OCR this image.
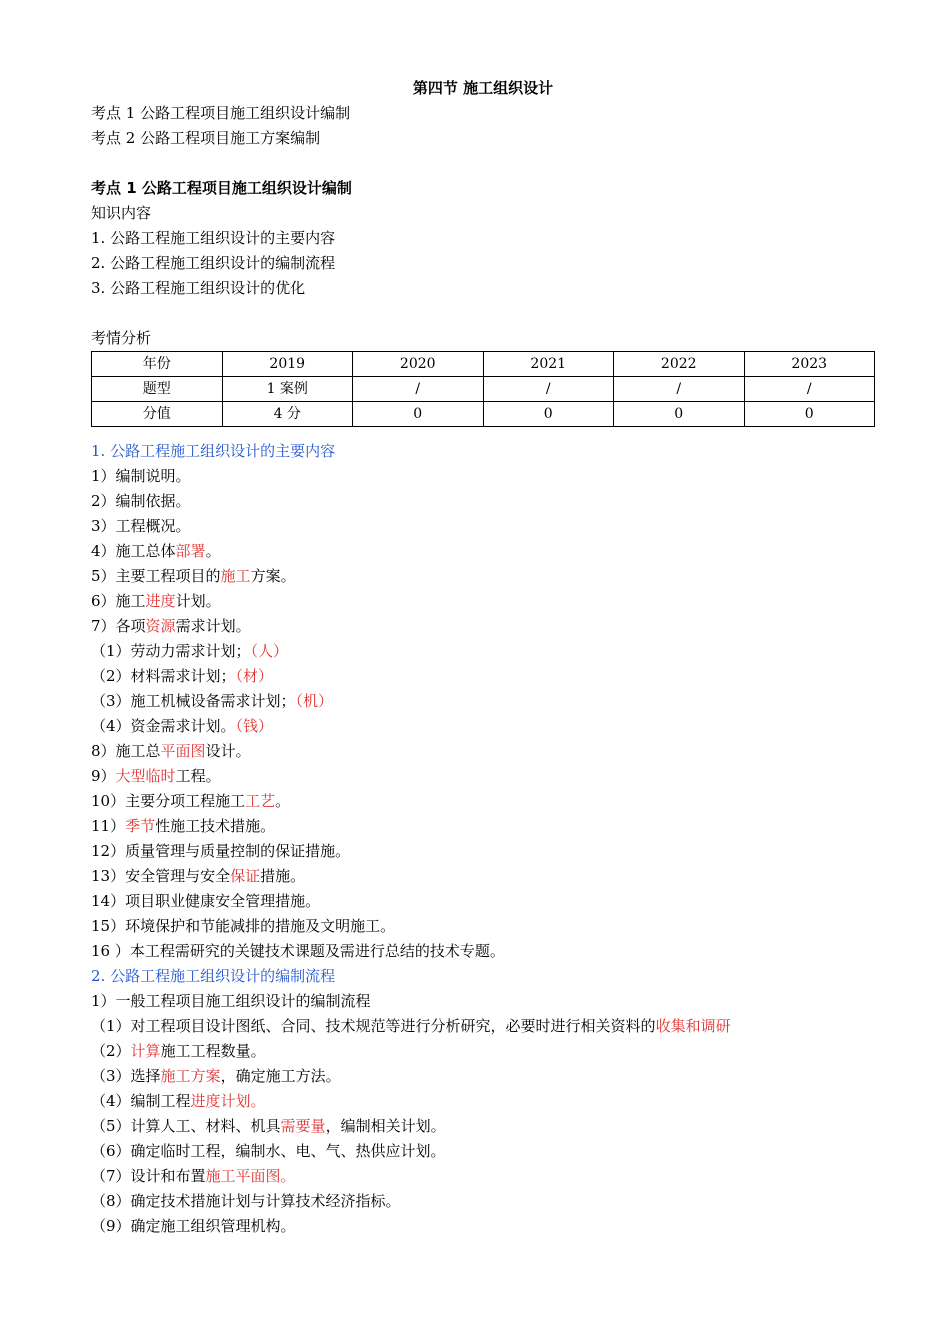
第四节 施工组织设计

考点 1 公路工程项目施工组织设计编制

考点 2 公路工程项目施工方案编制

考点 1 公路工程项目施工组织设计编制

知识内容

1. 公路工程施工组织设计的主要内容

2. 公路工程施工组织设计的编制流程

3. 公路工程施工组织设计的优化

考情分析

年份	2019	2020	2021	2022	2023
题型	1 案例	/	/	/	/
分值	4 分	0	0	0	0

1. 公路工程施工组织设计的主要内容

1）编制说明。

2）编制依据。

3）工程概况。

4）施工总体部署。

5）主要工程项目的施工方案。

6）施工进度计划。

7）各项资源需求计划。

（1）劳动力需求计划；（人）

（2）材料需求计划；（材）

（3）施工机械设备需求计划；（机）

（4）资金需求计划。（钱）

8）施工总平面图设计。

9）大型临时工程。

10）主要分项工程施工工艺。

11）季节性施工技术措施。

12）质量管理与质量控制的保证措施。

13）安全管理与安全保证措施。

14）项目职业健康安全管理措施。

15）环境保护和节能减排的措施及文明施工。

16 ）本工程需研究的关键技术课题及需进行总结的技术专题。

2. 公路工程施工组织设计的编制流程

1）一般工程项目施工组织设计的编制流程

（1）对工程项目设计图纸、合同、技术规范等进行分析研究，必要时进行相关资料的收集和调研

（2）计算施工工程数量。

（3）选择施工方案，确定施工方法。

（4）编制工程进度计划。

（5）计算人工、材料、机具需要量，编制相关计划。

（6）确定临时工程，编制水、电、气、热供应计划。

（7）设计和布置施工平面图。

（8）确定技术措施计划与计算技术经济指标。

（9）确定施工组织管理机构。
